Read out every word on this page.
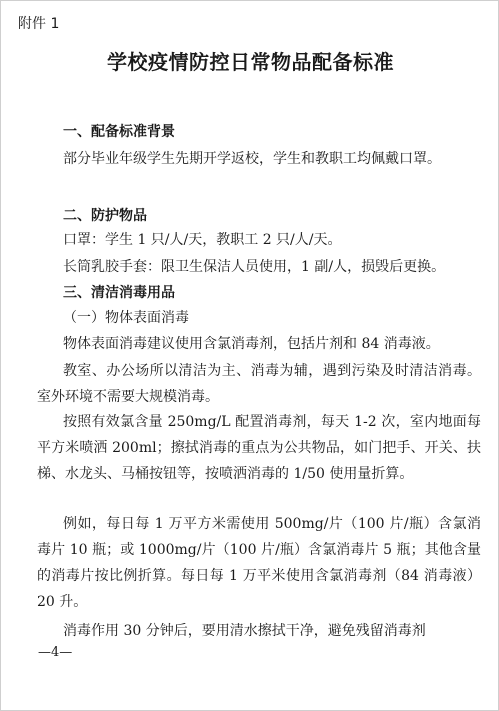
附件 1
学校疫情防控日常物品配备标准
一、配备标准背景
部分毕业年级学生先期开学返校，学生和教职工均佩戴口罩。
二、防护物品
口罩：学生 1 只/人/天，教职工 2 只/人/天。
长筒乳胶手套：限卫生保洁人员使用，1 副/人，损毁后更换。
三、清洁消毒用品
（一）物体表面消毒
物体表面消毒建议使用含氯消毒剂，包括片剂和 84 消毒液。
教室、办公场所以清洁为主、消毒为辅，遇到污染及时清洁消毒。室外环境不需要大规模消毒。
按照有效氯含量 250mg/L 配置消毒剂，每天 1-2 次，室内地面每平方米喷洒 200ml；擦拭消毒的重点为公共物品，如门把手、开关、扶梯、水龙头、马桶按钮等，按喷洒消毒的 1/50 使用量折算。
例如，每日每 1 万平方米需使用 500mg/片（100 片/瓶）含氯消毒片 10 瓶；或 1000mg/片（100 片/瓶）含氯消毒片 5 瓶；其他含量的消毒片按比例折算。每日每 1 万平米使用含氯消毒剂（84 消毒液）20 升。
消毒作用 30 分钟后，要用清水擦拭干净，避免残留消毒剂
—4—
